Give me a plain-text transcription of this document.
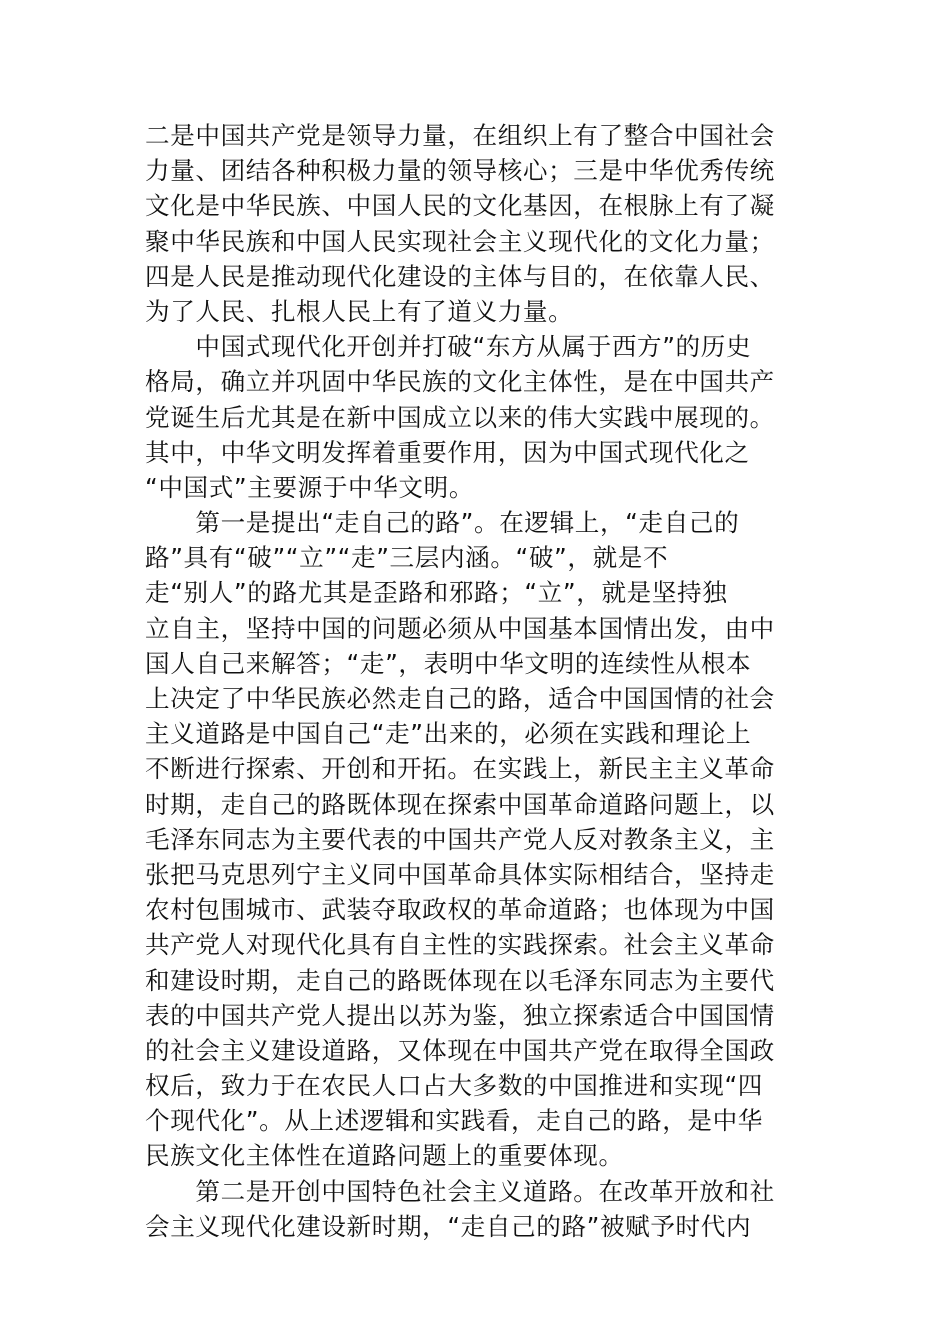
二是中国共产党是领导力量，在组织上有了整合中国社会
力量、团结各种积极力量的领导核心；三是中华优秀传统
文化是中华民族、中国人民的文化基因，在根脉上有了凝
聚中华民族和中国人民实现社会主义现代化的文化力量；
四是人民是推动现代化建设的主体与目的，在依靠人民、
为了人民、扎根人民上有了道义力量。
　　中国式现代化开创并打破“东方从属于西方”的历史
格局，确立并巩固中华民族的文化主体性，是在中国共产
党诞生后尤其是在新中国成立以来的伟大实践中展现的。
其中，中华文明发挥着重要作用，因为中国式现代化之
“中国式”主要源于中华文明。
　　第一是提出“走自己的路”。在逻辑上，“走自己的
路”具有“破”“立”“走”三层内涵。“破”，就是不
走“别人”的路尤其是歪路和邪路；“立”，就是坚持独
立自主，坚持中国的问题必须从中国基本国情出发，由中
国人自己来解答；“走”，表明中华文明的连续性从根本
上决定了中华民族必然走自己的路，适合中国国情的社会
主义道路是中国自己“走”出来的，必须在实践和理论上
不断进行探索、开创和开拓。在实践上，新民主主义革命
时期，走自己的路既体现在探索中国革命道路问题上，以
毛泽东同志为主要代表的中国共产党人反对教条主义，主
张把马克思列宁主义同中国革命具体实际相结合，坚持走
农村包围城市、武装夺取政权的革命道路；也体现为中国
共产党人对现代化具有自主性的实践探索。社会主义革命
和建设时期，走自己的路既体现在以毛泽东同志为主要代
表的中国共产党人提出以苏为鉴，独立探索适合中国国情
的社会主义建设道路，又体现在中国共产党在取得全国政
权后，致力于在农民人口占大多数的中国推进和实现“四
个现代化”。从上述逻辑和实践看，走自己的路，是中华
民族文化主体性在道路问题上的重要体现。
　　第二是开创中国特色社会主义道路。在改革开放和社
会主义现代化建设新时期，“走自己的路”被赋予时代内
